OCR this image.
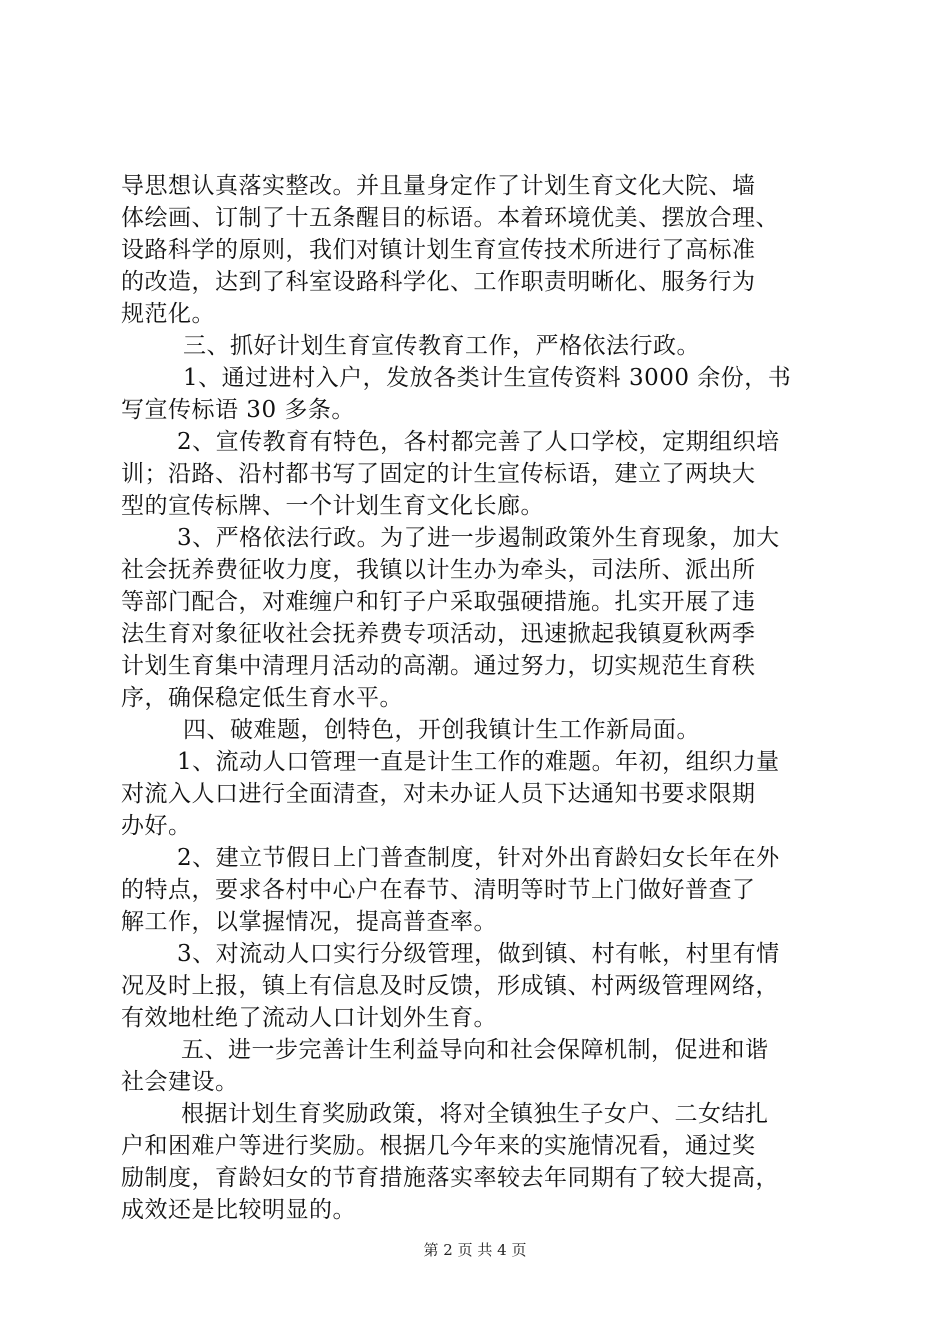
导思想认真落实整改。并且量身定作了计划生育文化大院、墙
体绘画、订制了十五条醒目的标语。本着环境优美、摆放合理、
设路科学的原则，我们对镇计划生育宣传技术所进行了高标准
的改造，达到了科室设路科学化、工作职责明晰化、服务行为
规范化。
三、抓好计划生育宣传教育工作，严格依法行政。
1、通过进村入户，发放各类计生宣传资料 3000 余份，书
写宣传标语 30 多条。
2、宣传教育有特色，各村都完善了人口学校，定期组织培
训；沿路、沿村都书写了固定的计生宣传标语，建立了两块大
型的宣传标牌、一个计划生育文化长廊。
3、严格依法行政。为了进一步遏制政策外生育现象，加大
社会抚养费征收力度，我镇以计生办为牵头，司法所、派出所
等部门配合，对难缠户和钉子户采取强硬措施。扎实开展了违
法生育对象征收社会抚养费专项活动，迅速掀起我镇夏秋两季
计划生育集中清理月活动的高潮。通过努力，切实规范生育秩
序，确保稳定低生育水平。
四、破难题，创特色，开创我镇计生工作新局面。
1、流动人口管理一直是计生工作的难题。年初，组织力量
对流入人口进行全面清查，对未办证人员下达通知书要求限期
办好。
2、建立节假日上门普查制度，针对外出育龄妇女长年在外
的特点，要求各村中心户在春节、清明等时节上门做好普查了
解工作，以掌握情况，提高普查率。
3、对流动人口实行分级管理，做到镇、村有帐，村里有情
况及时上报，镇上有信息及时反馈，形成镇、村两级管理网络，
有效地杜绝了流动人口计划外生育。
五、进一步完善计生利益导向和社会保障机制，促进和谐
社会建设。
根据计划生育奖励政策，将对全镇独生子女户、二女结扎
户和困难户等进行奖励。根据几今年来的实施情况看，通过奖
励制度，育龄妇女的节育措施落实率较去年同期有了较大提高，
成效还是比较明显的。
第 2 页 共 4 页
